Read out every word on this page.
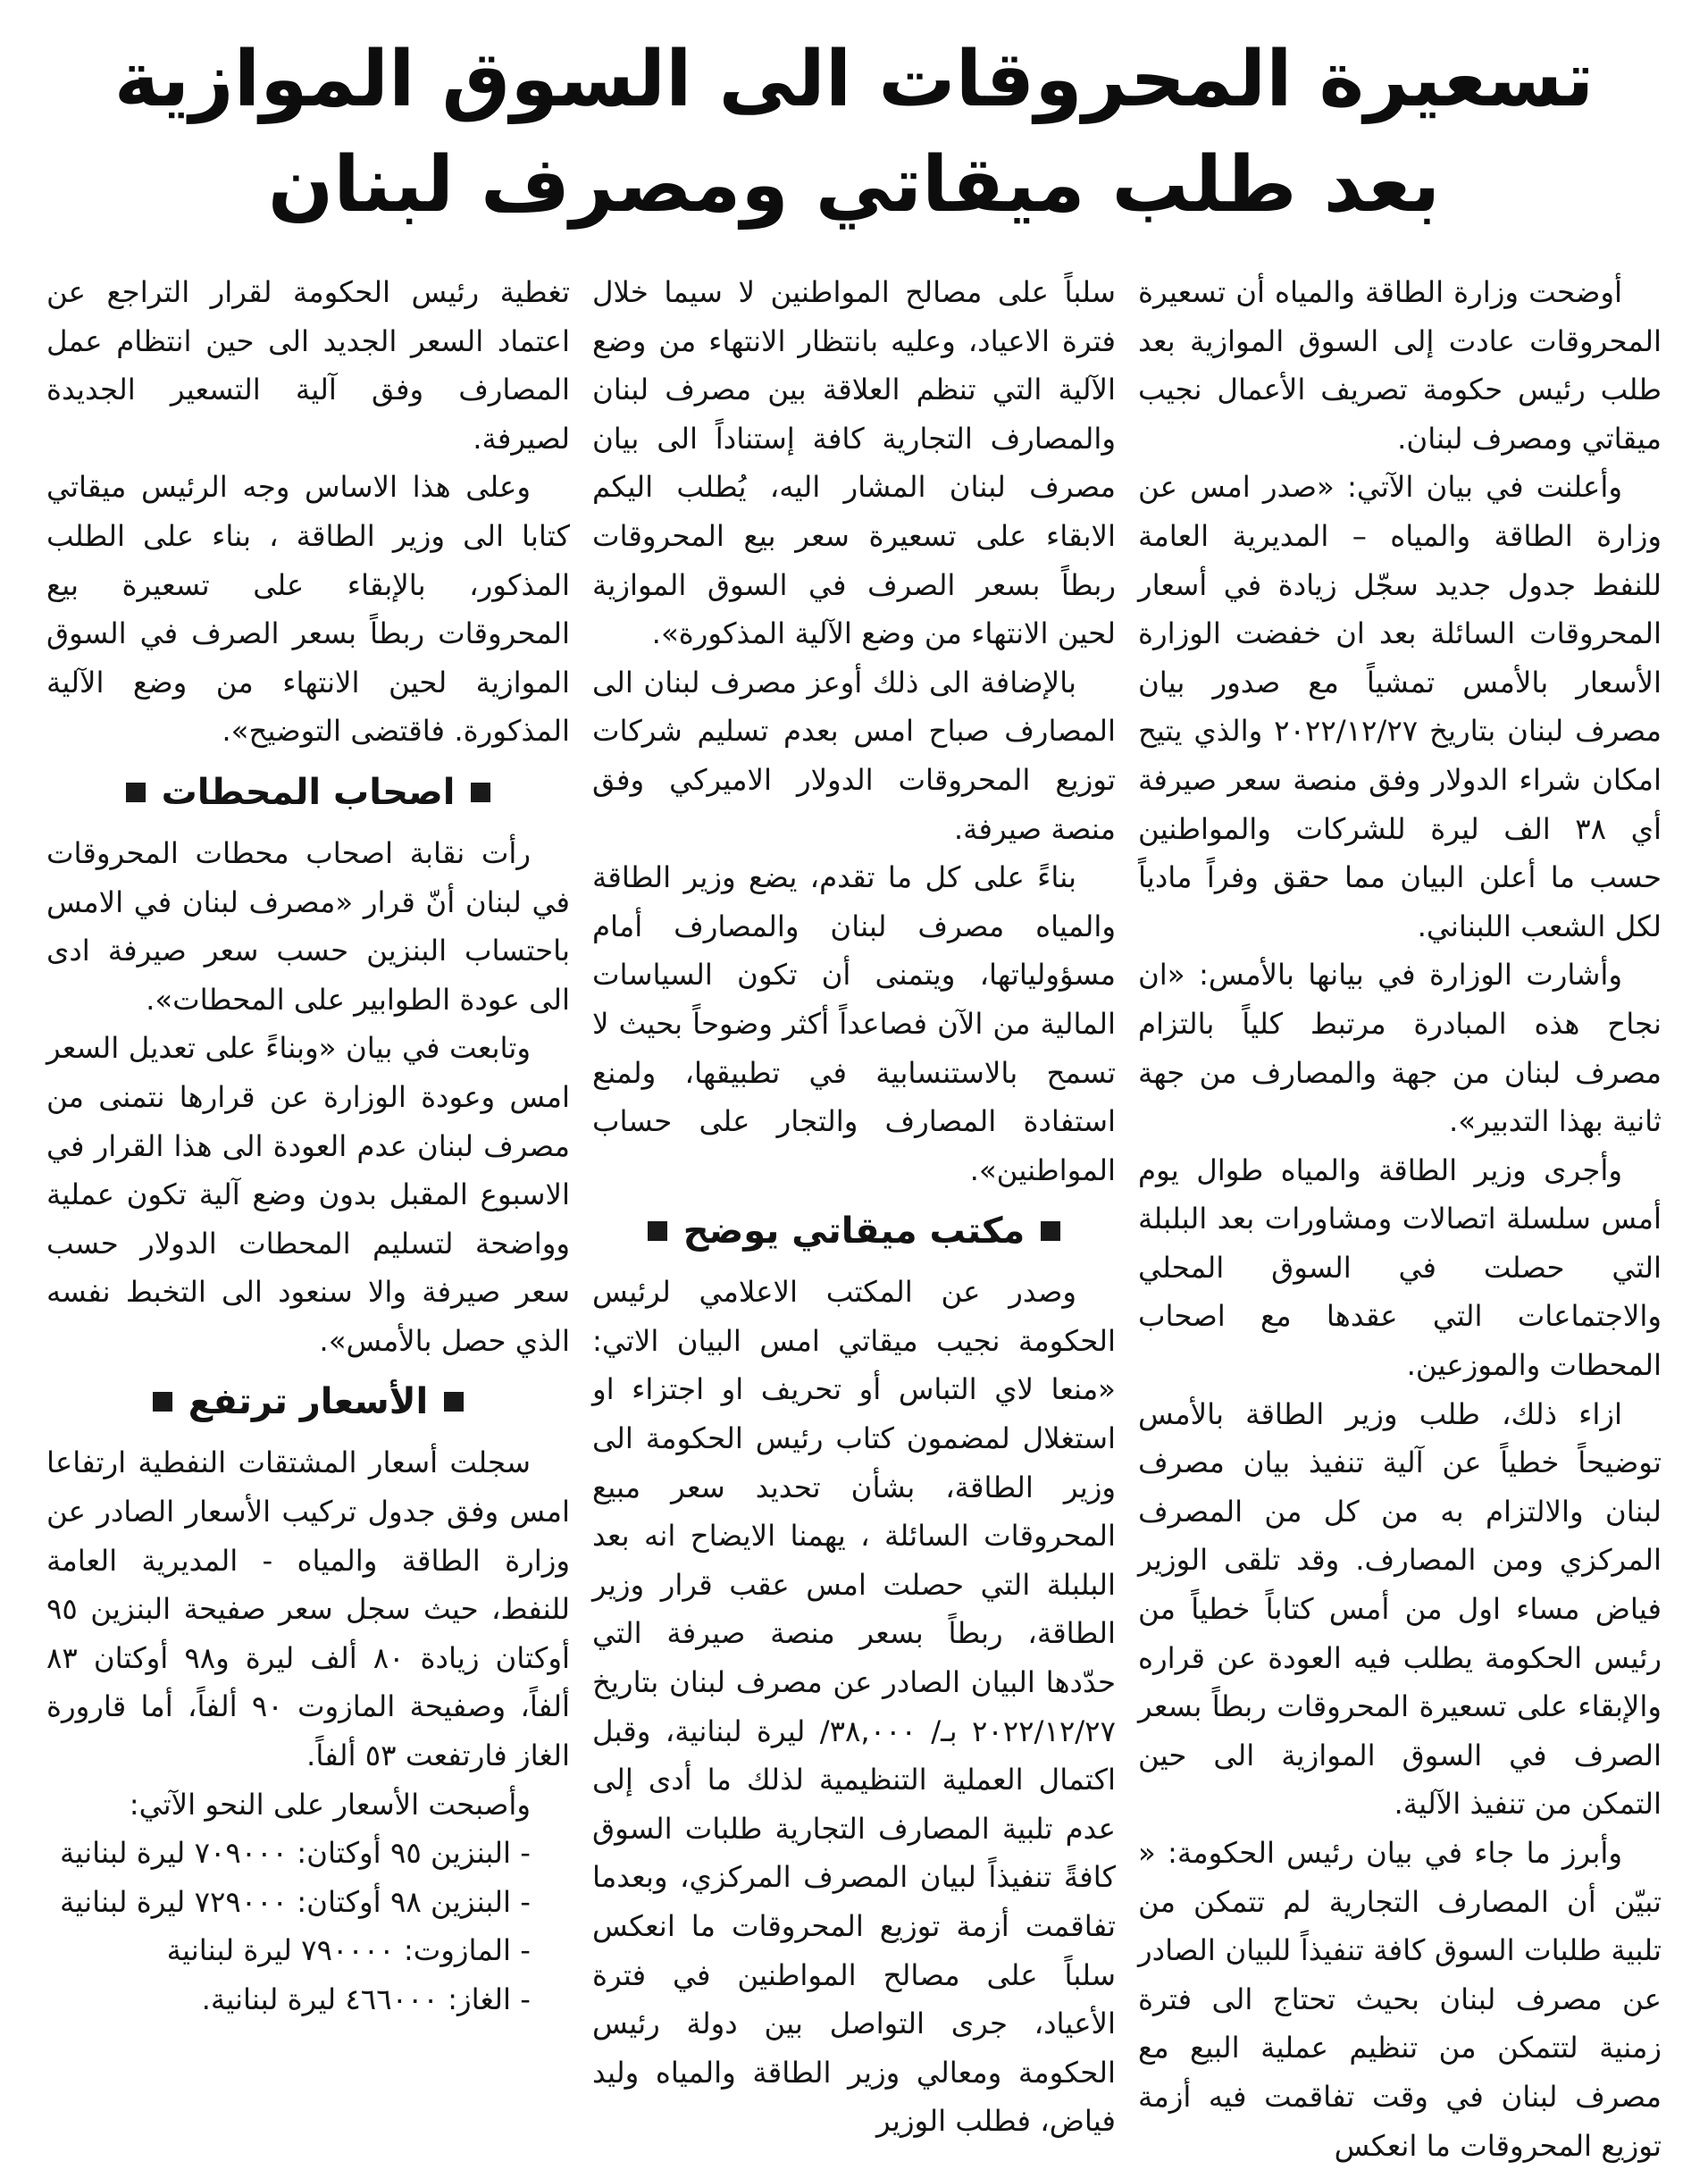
تسعيرة المحروقات الى السوق الموازية
بعد طلب ميقاتي ومصرف لبنان

أوضحت وزارة الطاقة والمياه أن تسعيرة المحروقات عادت إلى السوق الموازية بعد طلب رئيس حكومة تصريف الأعمال نجيب ميقاتي ومصرف لبنان.

وأعلنت في بيان الآتي: «صدر امس عن وزارة الطاقة والمياه – المديرية العامة للنفط جدول جديد سجّل زيادة في أسعار المحروقات السائلة بعد ان خفضت الوزارة الأسعار بالأمس تمشياً مع صدور بيان مصرف لبنان بتاريخ ٢٠٢٢/١٢/٢٧ والذي يتيح امكان شراء الدولار وفق منصة سعر صيرفة أي ٣٨ الف ليرة للشركات والمواطنين حسب ما أعلن البيان مما حقق وفراً مادياً لكل الشعب اللبناني.

وأشارت الوزارة في بيانها بالأمس: «ان نجاح هذه المبادرة مرتبط كلياً بالتزام مصرف لبنان من جهة والمصارف من جهة ثانية بهذا التدبير».

وأجرى وزير الطاقة والمياه طوال يوم أمس سلسلة اتصالات ومشاورات بعد البلبلة التي حصلت في السوق المحلي والاجتماعات التي عقدها مع اصحاب المحطات والموزعين.

ازاء ذلك، طلب وزير الطاقة بالأمس توضيحاً خطياً عن آلية تنفيذ بيان مصرف لبنان والالتزام به من كل من المصرف المركزي ومن المصارف. وقد تلقى الوزير فياض مساء اول من أمس كتاباً خطياً من رئيس الحكومة يطلب فيه العودة عن قراره والإبقاء على تسعيرة المحروقات ربطاً بسعر الصرف في السوق الموازية الى حين التمكن من تنفيذ الآلية.

وأبرز ما جاء في بيان رئيس الحكومة: « تبيّن أن المصارف التجارية لم تتمكن من تلبية طلبات السوق كافة تنفيذاً للبيان الصادر عن مصرف لبنان بحيث تحتاج الى فترة زمنية لتتمكن من تنظيم عملية البيع مع مصرف لبنان في وقت تفاقمت فيه أزمة توزيع المحروقات ما انعكس

سلباً على مصالح المواطنين لا سيما خلال فترة الاعياد، وعليه بانتظار الانتهاء من وضع الآلية التي تنظم العلاقة بين مصرف لبنان والمصارف التجارية كافة إستناداً الى بيان مصرف لبنان المشار اليه، يُطلب اليكم الابقاء على تسعيرة سعر بيع المحروقات ربطاً بسعر الصرف في السوق الموازية لحين الانتهاء من وضع الآلية المذكورة».

بالإضافة الى ذلك أوعز مصرف لبنان الى المصارف صباح امس بعدم تسليم شركات توزيع المحروقات الدولار الاميركي وفق منصة صيرفة.

بناءً على كل ما تقدم، يضع وزير الطاقة والمياه مصرف لبنان والمصارف أمام مسؤولياتها، ويتمنى أن تكون السياسات المالية من الآن فصاعداً أكثر وضوحاً بحيث لا تسمح بالاستنسابية في تطبيقها، ولمنع استفادة المصارف والتجار على حساب المواطنين».

مكتب ميقاتي يوضح

وصدر عن المكتب الاعلامي لرئيس الحكومة نجيب ميقاتي امس البيان الاتي: «منعا لاي التباس أو تحريف او اجتزاء او استغلال لمضمون كتاب رئيس الحكومة الى وزير الطاقة، بشأن تحديد سعر مبيع المحروقات السائلة ، يهمنا الايضاح انه بعد البلبلة التي حصلت امس عقب قرار وزير الطاقة، ربطاً بسعر منصة صيرفة التي حدّدها البيان الصادر عن مصرف لبنان بتاريخ ٢٠٢٢/١٢/٢٧ بـ/ ٣٨,٠٠٠/ ليرة لبنانية، وقبل اكتمال العملية التنظيمية لذلك ما أدى إلى عدم تلبية المصارف التجارية طلبات السوق كافةً تنفيذاً لبيان المصرف المركزي، وبعدما تفاقمت أزمة توزيع المحروقات ما انعكس سلباً على مصالح المواطنين في فترة الأعياد، جرى التواصل بين دولة رئيس الحكومة ومعالي وزير الطاقة والمياه وليد فياض، فطلب الوزير

تغطية رئيس الحكومة لقرار التراجع عن اعتماد السعر الجديد الى حين انتظام عمل المصارف وفق آلية التسعير الجديدة لصيرفة.

وعلى هذا الاساس وجه الرئيس ميقاتي كتابا الى وزير الطاقة ، بناء على الطلب المذكور، بالإبقاء على تسعيرة بيع المحروقات ربطاً بسعر الصرف في السوق الموازية لحين الانتهاء من وضع الآلية المذكورة. فاقتضى التوضيح».

اصحاب المحطات

رأت نقابة اصحاب محطات المحروقات في لبنان أنّ قرار «مصرف لبنان في الامس باحتساب البنزين حسب سعر صيرفة ادى الى عودة الطوابير على المحطات».

وتابعت في بيان «وبناءً على تعديل السعر امس وعودة الوزارة عن قرارها نتمنى من مصرف لبنان عدم العودة الى هذا القرار في الاسبوع المقبل بدون وضع آلية تكون عملية وواضحة لتسليم المحطات الدولار حسب سعر صيرفة والا سنعود الى التخبط نفسه الذي حصل بالأمس».

الأسعار ترتفع

سجلت أسعار المشتقات النفطية ارتفاعا امس وفق جدول تركيب الأسعار الصادر عن وزارة الطاقة والمياه - المديرية العامة للنفط، حيث سجل سعر صفيحة البنزين ٩٥ أوكتان زيادة ٨٠ ألف ليرة و٩٨ أوكتان ٨٣ ألفاً، وصفيحة المازوت ٩٠ ألفاً، أما قارورة الغاز فارتفعت ٥٣ ألفاً.

وأصبحت الأسعار على النحو الآتي:

- البنزين ٩٥ أوكتان: ٧٠٩٠٠٠ ليرة لبنانية

- البنزين ٩٨ أوكتان: ٧٢٩٠٠٠ ليرة لبنانية

- المازوت: ٧٩٠٠٠٠ ليرة لبنانية

- الغاز: ٤٦٦٠٠٠ ليرة لبنانية.
